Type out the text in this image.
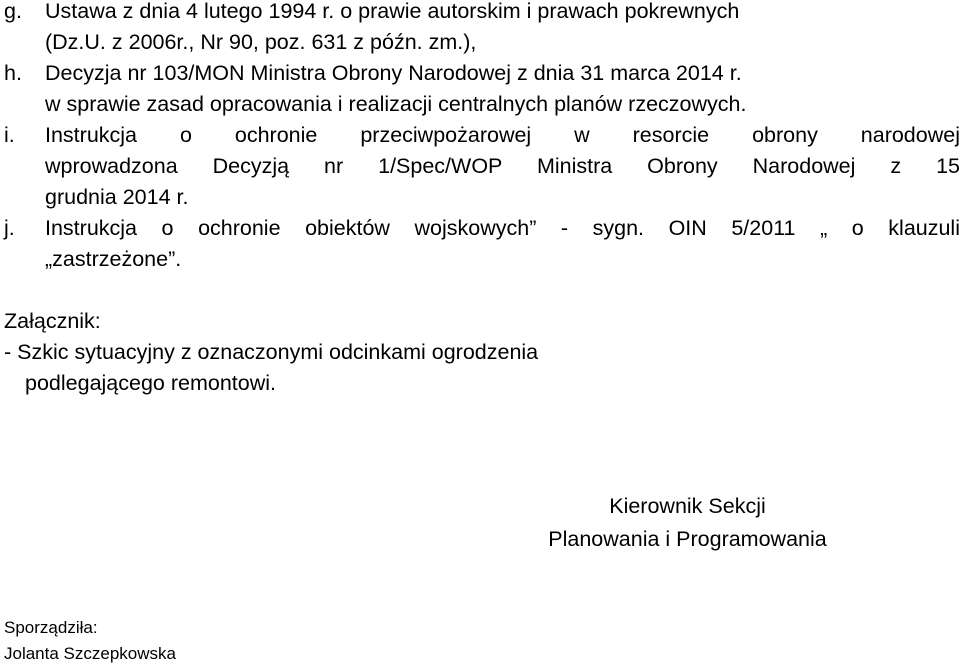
g. Ustawa z dnia 4 lutego 1994 r. o prawie autorskim i prawach pokrewnych
(Dz.U. z 2006r., Nr 90, poz. 631 z późn. zm.),
h. Decyzja nr 103/MON Ministra Obrony Narodowej z dnia 31 marca 2014 r.
w sprawie zasad opracowania i realizacji centralnych planów rzeczowych.
i. Instrukcja o ochronie przeciwpożarowej w resorcie obrony narodowej
wprowadzona Decyzją nr 1/Spec/WOP Ministra Obrony Narodowej z 15
grudnia 2014 r.
j. Instrukcja o ochronie obiektów wojskowych” - sygn. OIN 5/2011 „ o klauzuli
„zastrzeżone”.
Załącznik:
- Szkic sytuacyjny z oznaczonymi odcinkami ogrodzenia
podlegającego remontowi.
Kierownik Sekcji
Planowania i Programowania
Sporządziła:
Jolanta Szczepkowska
